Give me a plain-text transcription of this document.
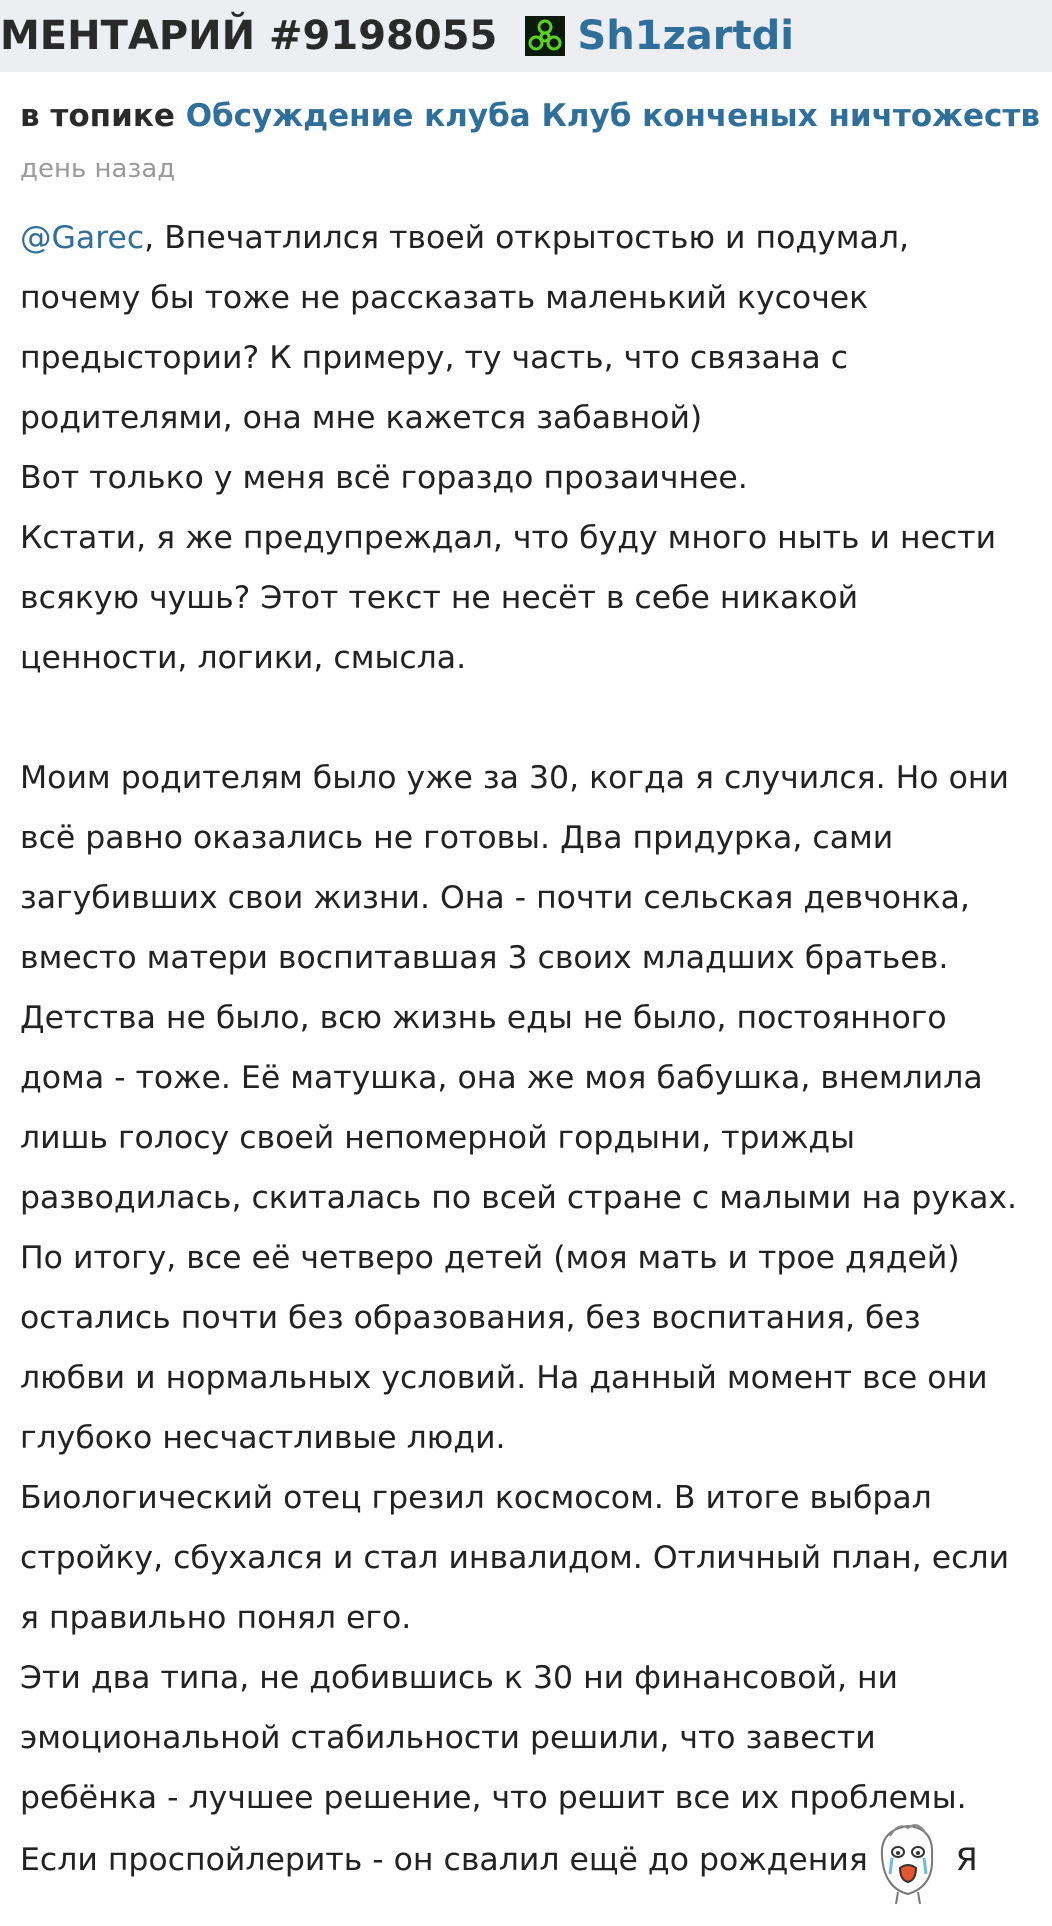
МЕНТАРИЙ #9198055 Sh1zartdi
в топике Обсуждение клуба Клуб конченых ничтожеств
день назад
@Garec, Впечатлился твоей открытостью и подумал,
почему бы тоже не рассказать маленький кусочек
предыстории? К примеру, ту часть, что связана с
родителями, она мне кажется забавной)
Вот только у меня всё гораздо прозаичнее.
Кстати, я же предупреждал, что буду много ныть и нести
всякую чушь? Этот текст не несёт в себе никакой
ценности, логики, смысла.
Моим родителям было уже за 30, когда я случился. Но они
всё равно оказались не готовы. Два придурка, сами
загубивших свои жизни. Она - почти сельская девчонка,
вместо матери воспитавшая 3 своих младших братьев.
Детства не было, всю жизнь еды не было, постоянного
дома - тоже. Её матушка, она же моя бабушка, внемлила
лишь голосу своей непомерной гордыни, трижды
разводилась, скиталась по всей стране с малыми на руках.
По итогу, все её четверо детей (моя мать и трое дядей)
остались почти без образования, без воспитания, без
любви и нормальных условий. На данный момент все они
глубоко несчастливые люди.
Биологический отец грезил космосом. В итоге выбрал
стройку, сбухался и стал инвалидом. Отличный план, если
я правильно понял его.
Эти два типа, не добившись к 30 ни финансовой, ни
эмоциональной стабильности решили, что завести
ребёнка - лучшее решение, что решит все их проблемы.
Если проспойлерить - он свалил ещё до рождения	Я
